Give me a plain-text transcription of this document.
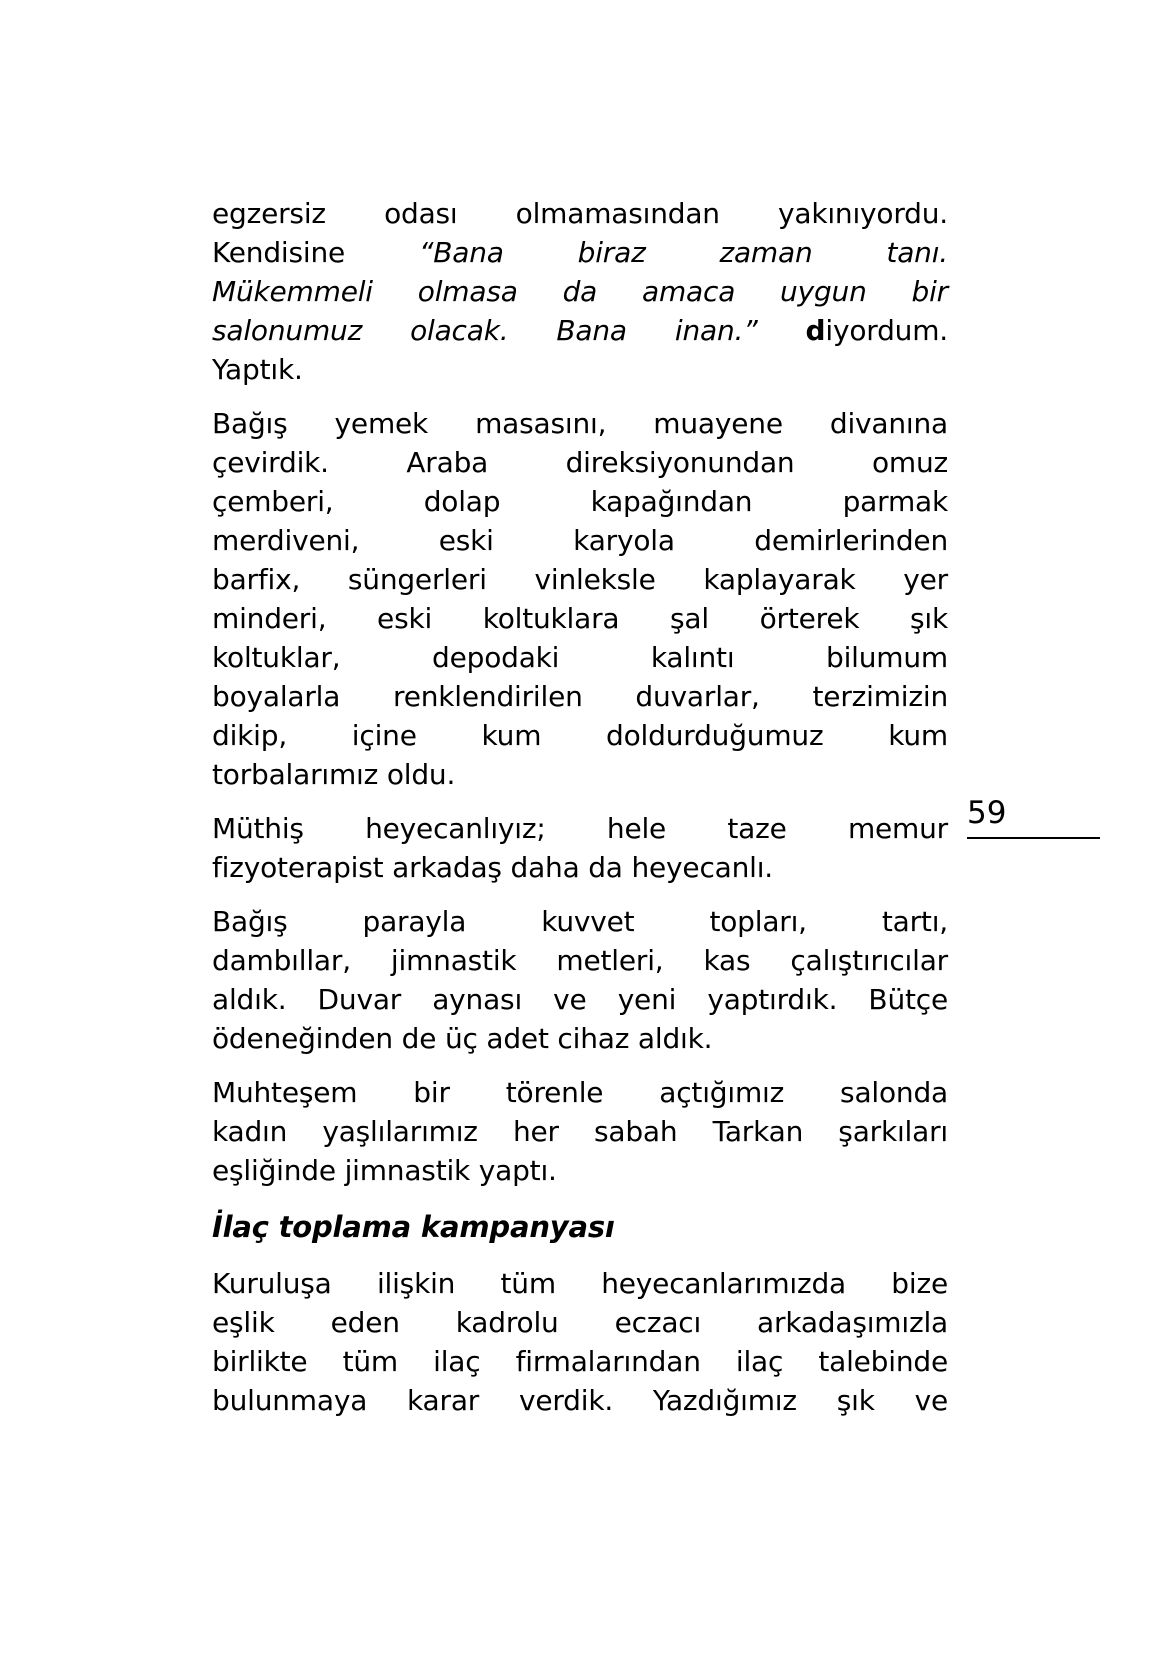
egzersiz odası olmamasından yakınıyordu.
Kendisine “Bana biraz zaman tanı.
Mükemmeli olmasa da amaca uygun bir
salonumuz olacak. Bana inan.” diyordum.
Yaptık.
Bağış yemek masasını, muayene divanına
çevirdik. Araba direksiyonundan omuz
çemberi, dolap kapağından parmak
merdiveni, eski karyola demirlerinden
barfix, süngerleri vinleksle kaplayarak yer
minderi, eski koltuklara şal örterek şık
koltuklar, depodaki kalıntı bilumum
boyalarla renklendirilen duvarlar, terzimizin
dikip, içine kum doldurduğumuz kum
torbalarımız oldu.
Müthiş heyecanlıyız; hele taze memur
fizyoterapist arkadaş daha da heyecanlı.
Bağış parayla kuvvet topları, tartı,
dambıllar, jimnastik metleri, kas çalıştırıcılar
aldık. Duvar aynası ve yeni yaptırdık. Bütçe
ödeneğinden de üç adet cihaz aldık.
Muhteşem bir törenle açtığımız salonda
kadın yaşlılarımız her sabah Tarkan şarkıları
eşliğinde jimnastik yaptı.
İlaç toplama kampanyası
Kuruluşa ilişkin tüm heyecanlarımızda bize
eşlik eden kadrolu eczacı arkadaşımızla
birlikte tüm ilaç firmalarından ilaç talebinde
bulunmaya karar verdik. Yazdığımız şık ve
59
